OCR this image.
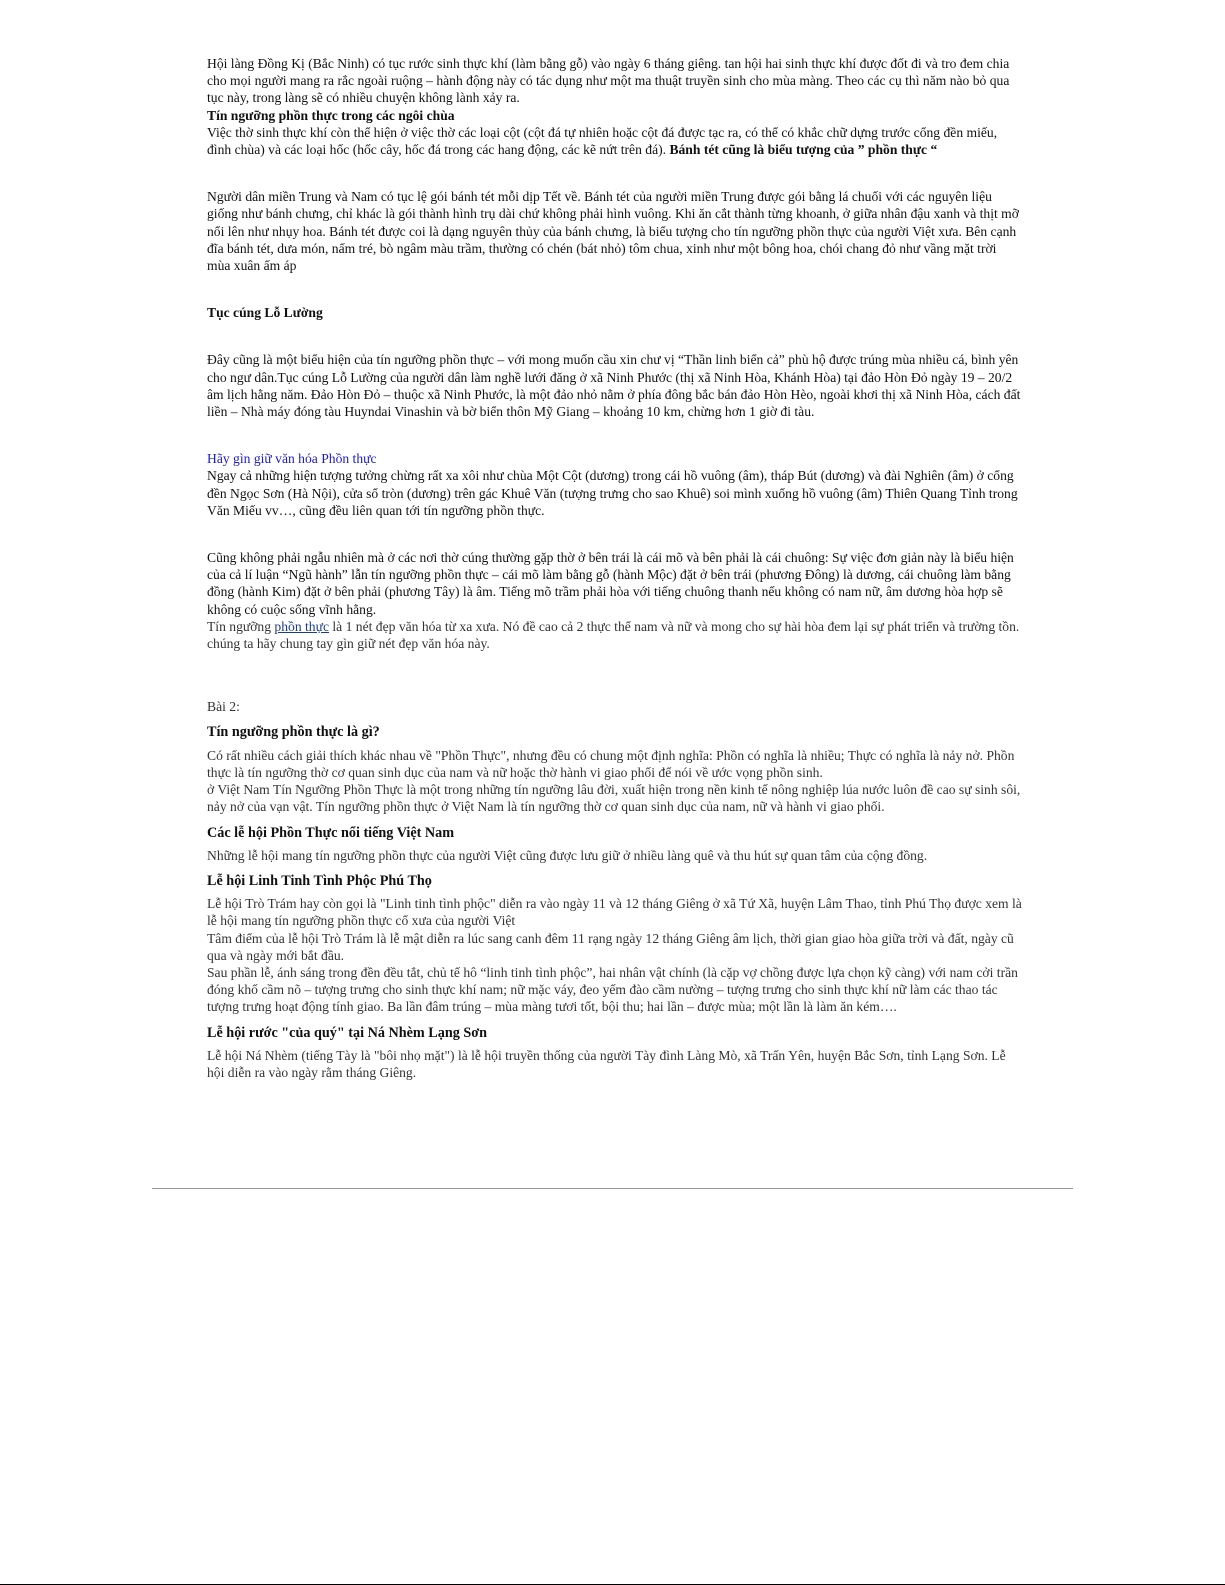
Hội làng Đồng Kị (Bắc Ninh) có tục rước sinh thực khí (làm bằng gỗ) vào ngày 6 tháng giêng. tan hội hai sinh thực khí được đốt đi và tro đem chia cho mọi người mang ra rắc ngoài ruộng – hành động này có tác dụng như một ma thuật truyền sinh cho mùa màng. Theo các cụ thì năm nào bỏ qua tục này, trong làng sẽ có nhiều chuyện không lành xảy ra.

Tín ngưỡng phồn thực trong các ngôi chùa

Việc thờ sinh thực khí còn thể hiện ở việc thờ các loại cột (cột đá tự nhiên hoặc cột đá được tạc ra, có thể có khắc chữ dựng trước cổng đền miếu, đình chùa) và các loại hốc (hốc cây, hốc đá trong các hang động, các kẽ nứt trên đá). Bánh tét cũng là biểu tượng của ” phồn thực “

Người dân miền Trung và Nam có tục lệ gói bánh tét mỗi dịp Tết về. Bánh tét của người miền Trung được gói bằng lá chuối với các nguyên liệu giống như bánh chưng, chỉ khác là gói thành hình trụ dài chứ không phải hình vuông. Khi ăn cắt thành từng khoanh, ở giữa nhân đậu xanh và thịt mỡ nổi lên như nhụy hoa. Bánh tét được coi là dạng nguyên thủy của bánh chưng, là biểu tượng cho tín ngưỡng phồn thực của người Việt xưa. Bên cạnh đĩa bánh tét, dưa món, nấm tré, bò ngâm màu trầm, thường có chén (bát nhỏ) tôm chua, xinh như một bông hoa, chói chang đỏ như vầng mặt trời mùa xuân ấm áp

Tục cúng Lỗ Lường

Đây cũng là một biểu hiện của tín ngưỡng phồn thực – với mong muốn cầu xin chư vị “Thần linh biển cả” phù hộ được trúng mùa nhiều cá, bình yên cho ngư dân.Tục cúng Lỗ Lường của người dân làm nghề lưới đăng ở xã Ninh Phước (thị xã Ninh Hòa, Khánh Hòa) tại đảo Hòn Đỏ ngày 19 – 20/2 âm lịch hằng năm. Đảo Hòn Đỏ – thuộc xã Ninh Phước, là một đảo nhỏ nằm ở phía đông bắc bán đảo Hòn Hèo, ngoài khơi thị xã Ninh Hòa, cách đất liền – Nhà máy đóng tàu Huyndai Vinashin và bờ biển thôn Mỹ Giang – khoảng 10 km, chừng hơn 1 giờ đi tàu.

Hãy gìn giữ văn hóa Phồn thực

Ngay cả những hiện tượng tưởng chừng rất xa xôi như chùa Một Cột (dương) trong cái hồ vuông (âm), tháp Bút (dương) và đài Nghiên (âm) ở cổng đền Ngọc Sơn (Hà Nội), cửa sổ tròn (dương) trên gác Khuê Văn (tượng trưng cho sao Khuê) soi mình xuống hồ vuông (âm) Thiên Quang Tỉnh trong Văn Miếu vv…, cũng đều liên quan tới tín ngưỡng phồn thực.

Cũng không phải ngẫu nhiên mà ở các nơi thờ cúng thường gặp thờ ở bên trái là cái mõ và bên phải là cái chuông: Sự việc đơn giản này là biểu hiện của cả lí luận “Ngũ hành” lẫn tín ngưỡng phồn thực – cái mõ làm bằng gỗ (hành Mộc) đặt ở bên trái (phương Đông) là dương, cái chuông làm bằng đồng (hành Kim) đặt ở bên phải (phương Tây) là âm. Tiếng mõ trầm phải hòa với tiếng chuông thanh nếu không có nam nữ, âm dương hòa hợp sẽ không có cuộc sống vĩnh hằng.

Tín ngưỡng phồn thực là 1 nét đẹp văn hóa từ xa xưa. Nó đề cao cả 2 thực thể nam và nữ và mong cho sự hài hòa đem lại sự phát triển và trường tồn. chúng ta hãy chung tay gìn giữ nét đẹp văn hóa này.

Bài 2:

Tín ngưỡng phồn thực là gì?

Có rất nhiều cách giải thích khác nhau về "Phồn Thực", nhưng đều có chung một định nghĩa: Phồn có nghĩa là nhiều; Thực có nghĩa là nảy nở. Phồn thực là tín ngưỡng thờ cơ quan sinh dục của nam và nữ hoặc thờ hành vi giao phối để nói về ước vọng phồn sinh.

ở Việt Nam Tín Ngưỡng Phồn Thực là một trong những tín ngưỡng lâu đời, xuất hiện trong nền kinh tế nông nghiệp lúa nước luôn đề cao sự sinh sôi, nảy nở của vạn vật. Tín ngưỡng phồn thực ở Việt Nam là tín ngưỡng thờ cơ quan sinh dục của nam, nữ và hành vi giao phối.

Các lễ hội Phồn Thực nổi tiếng Việt Nam

Những lễ hội mang tín ngưỡng phồn thực của người Việt cũng được lưu giữ ở nhiều làng quê và thu hút sự quan tâm của cộng đồng.

Lễ hội Linh Tinh Tình Phộc Phú Thọ

Lễ hội Trò Trám hay còn gọi là "Linh tinh tình phộc" diễn ra vào ngày 11 và 12 tháng Giêng ở xã Tứ Xã, huyện Lâm Thao, tỉnh Phú Thọ được xem là lễ hội mang tín ngưỡng phồn thực cổ xưa của người Việt

Tâm điểm của lễ hội Trò Trám là lễ mật diễn ra lúc sang canh đêm 11 rạng ngày 12 tháng Giêng âm lịch, thời gian giao hòa giữa trời và đất, ngày cũ qua và ngày mới bắt đầu.

Sau phần lễ, ánh sáng trong đền đều tắt, chủ tế hô “linh tinh tình phộc”, hai nhân vật chính (là cặp vợ chồng được lựa chọn kỹ càng) với nam cởi trần đóng khố cầm nõ – tượng trưng cho sinh thực khí nam; nữ mặc váy, đeo yếm đào cầm nường – tượng trưng cho sinh thực khí nữ làm các thao tác tượng trưng hoạt động tính giao. Ba lần đâm trúng – mùa màng tươi tốt, bội thu; hai lần – được mùa; một lần là làm ăn kém….

Lễ hội rước "của quý" tại Ná Nhèm Lạng Sơn

Lễ hội Ná Nhèm (tiếng Tày là "bôi nhọ mặt") là lễ hội truyền thống của người Tày đình Làng Mò, xã Trấn Yên, huyện Bắc Sơn, tỉnh Lạng Sơn. Lễ hội diễn ra vào ngày rằm tháng Giêng.
